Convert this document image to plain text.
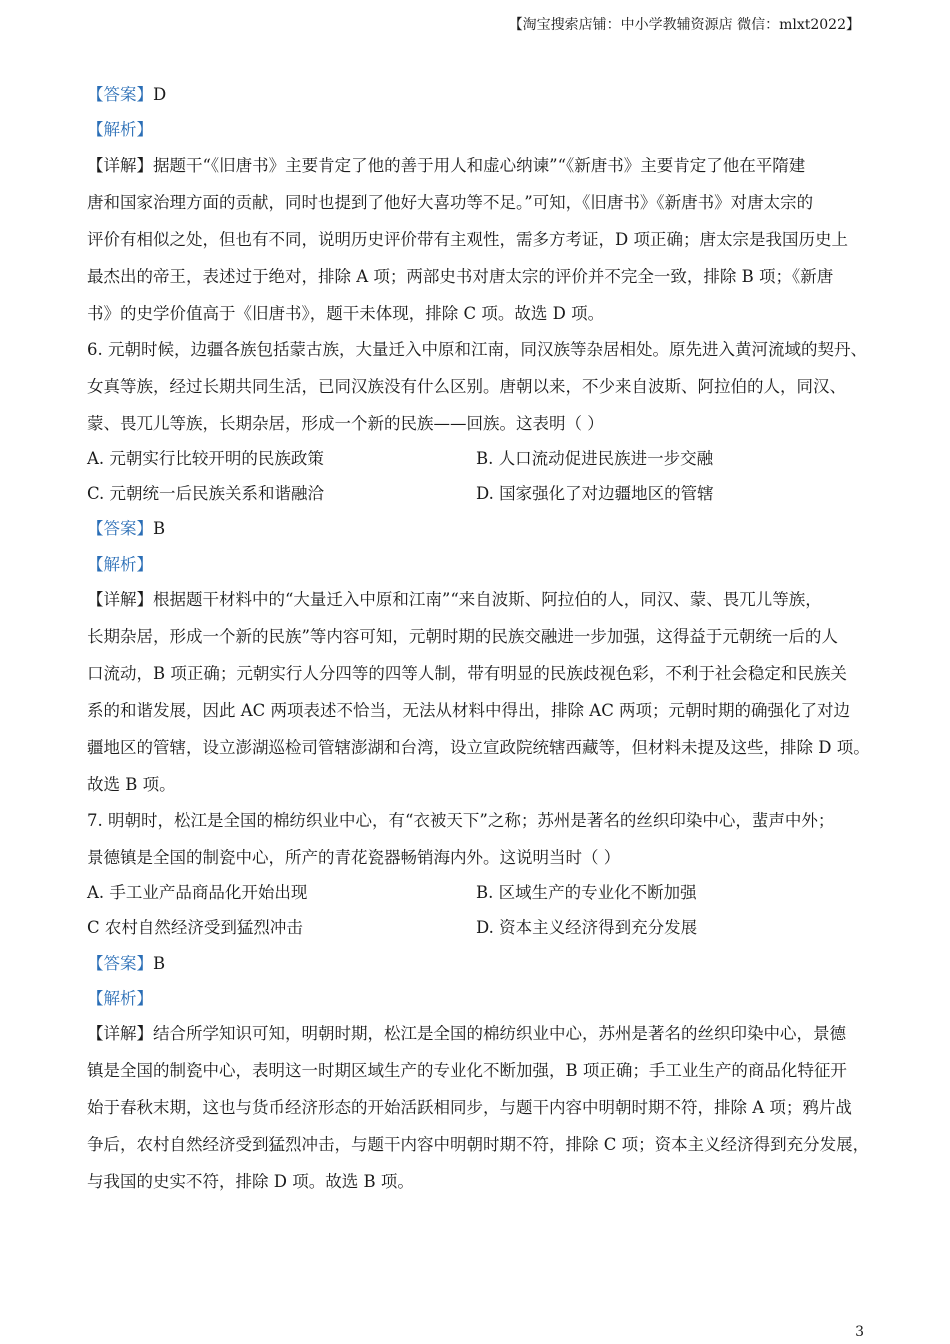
【淘宝搜索店铺：中小学教辅资源店 微信：mlxt2022】
【答案】D
【解析】
【详解】据题干“《旧唐书》主要肯定了他的善于用人和虚心纳谏”“《新唐书》主要肯定了他在平隋建
唐和国家治理方面的贡献，同时也提到了他好大喜功等不足。”可知，《旧唐书》《新唐书》对唐太宗的
评价有相似之处，但也有不同，说明历史评价带有主观性，需多方考证，D 项正确；唐太宗是我国历史上
最杰出的帝王，表述过于绝对，排除 A 项；两部史书对唐太宗的评价并不完全一致，排除 B 项；《新唐
书》的史学价值高于《旧唐书》，题干未体现，排除 C 项。故选 D 项。
6. 元朝时候，边疆各族包括蒙古族，大量迁入中原和江南，同汉族等杂居相处。原先进入黄河流域的契丹、
女真等族，经过长期共同生活，已同汉族没有什么区别。唐朝以来，不少来自波斯、阿拉伯的人，同汉、
蒙、畏兀儿等族，长期杂居，形成一个新的民族——回族。这表明（ ）
A. 元朝实行比较开明的民族政策	B. 人口流动促进民族进一步交融
C. 元朝统一后民族关系和谐融洽	D. 国家强化了对边疆地区的管辖
【答案】B
【解析】
【详解】根据题干材料中的“大量迁入中原和江南”“来自波斯、阿拉伯的人，同汉、蒙、畏兀儿等族，
长期杂居，形成一个新的民族”等内容可知，元朝时期的民族交融进一步加强，这得益于元朝统一后的人
口流动，B 项正确；元朝实行人分四等的四等人制，带有明显的民族歧视色彩，不利于社会稳定和民族关
系的和谐发展，因此 AC 两项表述不恰当，无法从材料中得出，排除 AC 两项；元朝时期的确强化了对边
疆地区的管辖，设立澎湖巡检司管辖澎湖和台湾，设立宣政院统辖西藏等，但材料未提及这些，排除 D 项。
故选 B 项。
7. 明朝时，松江是全国的棉纺织业中心，有“衣被天下”之称；苏州是著名的丝织印染中心，蜚声中外；
景德镇是全国的制瓷中心，所产的青花瓷器畅销海内外。这说明当时（ ）
A. 手工业产品商品化开始出现	B. 区域生产的专业化不断加强
C 农村自然经济受到猛烈冲击	D. 资本主义经济得到充分发展
【答案】B
【解析】
【详解】结合所学知识可知，明朝时期，松江是全国的棉纺织业中心，苏州是著名的丝织印染中心，景德
镇是全国的制瓷中心，表明这一时期区域生产的专业化不断加强，B 项正确；手工业生产的商品化特征开
始于春秋末期，这也与货币经济形态的开始活跃相同步，与题干内容中明朝时期不符，排除 A 项；鸦片战
争后，农村自然经济受到猛烈冲击，与题干内容中明朝时期不符，排除 C 项；资本主义经济得到充分发展，
与我国的史实不符，排除 D 项。故选 B 项。
3
